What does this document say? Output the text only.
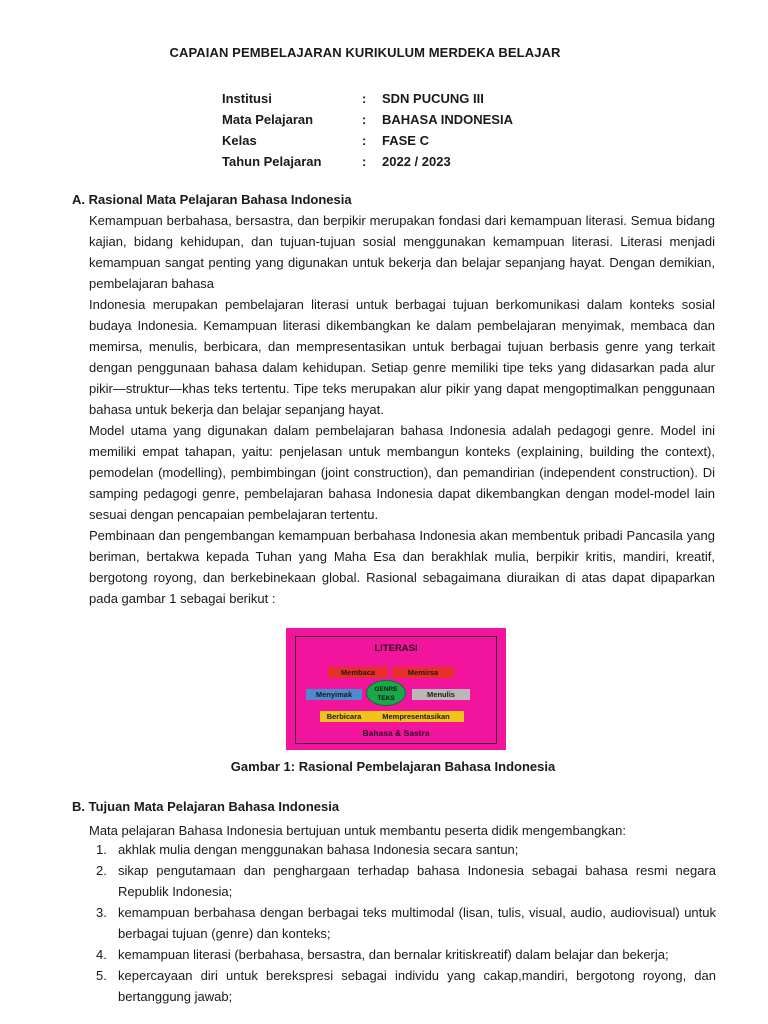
CAPAIAN PEMBELAJARAN KURIKULUM MERDEKA BELAJAR
Institusi	:	SDN PUCUNG III
Mata Pelajaran	:	BAHASA INDONESIA
Kelas	:	FASE C
Tahun Pelajaran	:	2022 / 2023
A. Rasional Mata Pelajaran Bahasa Indonesia

Kemampuan berbahasa, bersastra, dan berpikir merupakan fondasi dari kemampuan literasi. Semua bidang kajian, bidang kehidupan, dan tujuan-tujuan sosial menggunakan kemampuan literasi. Literasi menjadi kemampuan sangat penting yang digunakan untuk bekerja dan belajar sepanjang hayat. Dengan demikian, pembelajaran bahasa

Indonesia merupakan pembelajaran literasi untuk berbagai tujuan berkomunikasi dalam konteks sosial budaya Indonesia. Kemampuan literasi dikembangkan ke dalam pembelajaran menyimak, membaca dan memirsa, menulis, berbicara, dan mempresentasikan untuk berbagai tujuan berbasis genre yang terkait dengan penggunaan bahasa dalam kehidupan. Setiap genre memiliki tipe teks yang didasarkan pada alur pikir—struktur—khas teks tertentu. Tipe teks merupakan alur pikir yang dapat mengoptimalkan penggunaan bahasa untuk bekerja dan belajar sepanjang hayat.

Model utama yang digunakan dalam pembelajaran bahasa Indonesia adalah pedagogi genre. Model ini memiliki empat tahapan, yaitu: penjelasan untuk membangun konteks (explaining, building the context), pemodelan (modelling), pembimbingan (joint construction), dan pemandirian (independent construction). Di samping pedagogi genre, pembelajaran bahasa Indonesia dapat dikembangkan dengan model-model lain sesuai dengan pencapaian pembelajaran tertentu.

Pembinaan dan pengembangan kemampuan berbahasa Indonesia akan membentuk pribadi Pancasila yang beriman, bertakwa kepada Tuhan yang Maha Esa dan berakhlak mulia, berpikir kritis, mandiri, kreatif, bergotong royong, dan berkebinekaan global. Rasional sebagaimana diuraikan di atas dapat dipaparkan pada gambar 1 sebagai berikut :

LITERASI
Membaca	Memirsa
Menyimak	Menulis
GENRE
TEKS
Berbicara	Mempresentasikan
Bahasa & Sastra
Gambar 1: Rasional Pembelajaran Bahasa Indonesia
B. Tujuan Mata Pelajaran Bahasa Indonesia
Mata pelajaran Bahasa Indonesia bertujuan untuk membantu peserta didik mengembangkan:
1. akhlak mulia dengan menggunakan bahasa Indonesia secara santun;
2. sikap pengutamaan dan penghargaan terhadap bahasa Indonesia sebagai bahasa resmi negara Republik Indonesia;
3. kemampuan berbahasa dengan berbagai teks multimodal (lisan, tulis, visual, audio, audiovisual) untuk berbagai tujuan (genre) dan konteks;
4. kemampuan literasi (berbahasa, bersastra, dan bernalar kritiskreatif) dalam belajar dan bekerja;
5. kepercayaan diri untuk berekspresi sebagai individu yang cakap,mandiri, bergotong royong, dan bertanggung jawab;
